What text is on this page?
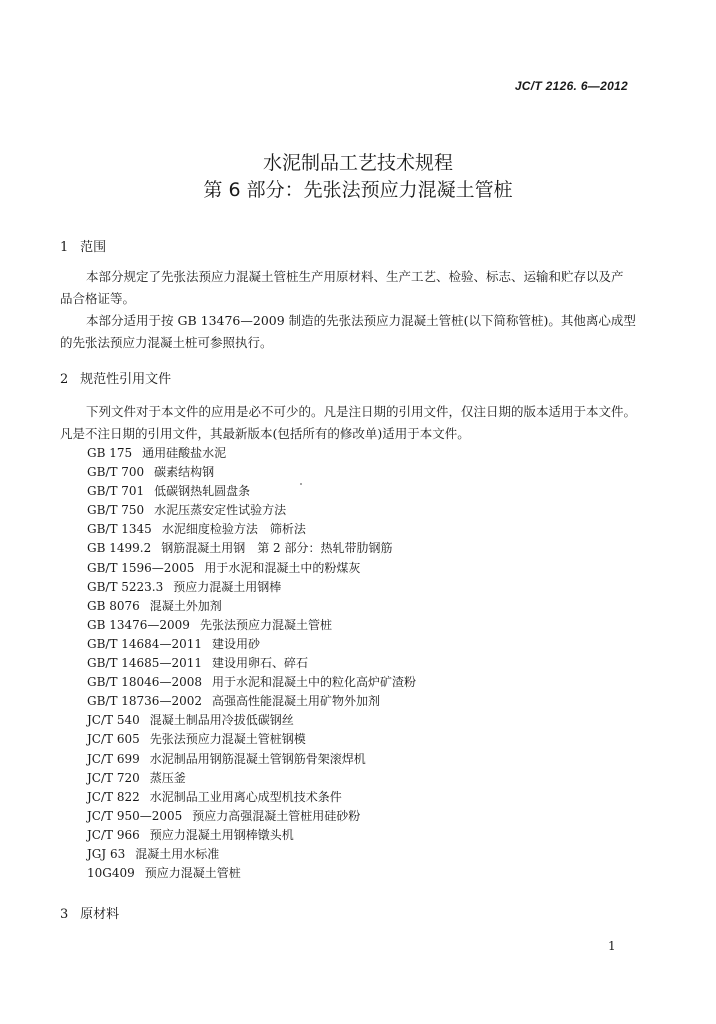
JC/T 2126. 6—2012
水泥制品工艺技术规程
第 6 部分：先张法预应力混凝土管桩
1 范围
本部分规定了先张法预应力混凝土管桩生产用原材料、生产工艺、检验、标志、运输和贮存以及产
品合格证等。
本部分适用于按 GB 13476—2009 制造的先张法预应力混凝土管桩(以下简称管桩)。其他离心成型
的先张法预应力混凝土桩可参照执行。
2 规范性引用文件
下列文件对于本文件的应用是必不可少的。凡是注日期的引用文件，仅注日期的版本适用于本文件。
凡是不注日期的引用文件，其最新版本(包括所有的修改单)适用于本文件。
GB 175 通用硅酸盐水泥
GB/T 700 碳素结构钢
GB/T 701 低碳钢热轧圆盘条
GB/T 750 水泥压蒸安定性试验方法
GB/T 1345 水泥细度检验方法　筛析法
GB 1499.2 钢筋混凝土用钢　第 2 部分：热轧带肋钢筋
GB/T 1596—2005 用于水泥和混凝土中的粉煤灰
GB/T 5223.3 预应力混凝土用钢棒
GB 8076 混凝土外加剂
GB 13476—2009 先张法预应力混凝土管桩
GB/T 14684—2011 建设用砂
GB/T 14685—2011 建设用卵石、碎石
GB/T 18046—2008 用于水泥和混凝土中的粒化高炉矿渣粉
GB/T 18736—2002 高强高性能混凝土用矿物外加剂
JC/T 540 混凝土制品用冷拔低碳钢丝
JC/T 605 先张法预应力混凝土管桩钢模
JC/T 699 水泥制品用钢筋混凝土管钢筋骨架滚焊机
JC/T 720 蒸压釜
JC/T 822 水泥制品工业用离心成型机技术条件
JC/T 950—2005 预应力高强混凝土管桩用硅砂粉
JC/T 966 预应力混凝土用钢棒镦头机
JGJ 63 混凝土用水标准
10G409 预应力混凝土管桩
3 原材料
1
